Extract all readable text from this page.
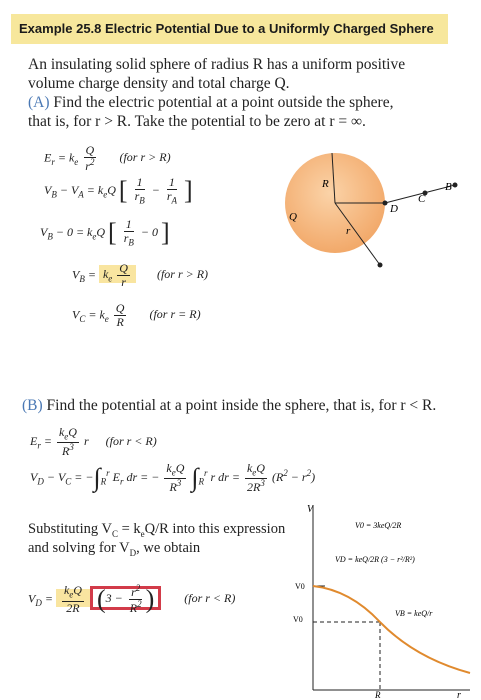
Example 25.8 Electric Potential Due to a Uniformly Charged Sphere
An insulating solid sphere of radius R has a uniform positive
volume charge density and total charge Q.
(A) Find the electric potential at a point outside the sphere,
that is, for r > R. Take the potential to be zero at r = ∞.
$E_r = k_e \frac{Q}{r^2} (for$ r > R)
$V_B - V_A = k_eQ$ [ $\frac{1}{r_B} - \frac{1}{r_A}$ ]
$V_B - 0 = k_eQ$ [ $\frac{1}{r_B} - 0$ ]
$V_B = k_e \frac{Q}{r} (for$ r > R)
$V_C = k_e \frac{Q}{R} (for$ r = R)
Q
R	B
C
D
r
(B) Find the potential at a point inside the sphere, that is, for r < R.
$E_r = \frac{k_eQ}{R^3}$ r (for r < R)
$V_D - V_C = -\int_R^r$ $E_r$ dr = − $\frac{k_eQ}{R^3} \int_R^r$ r dr = $\frac{k_eQ}{2R^3} (R^2 - r^2)$
Substituting $V_C = k_eQ/R$ into this expression
and solving for $V_D$, we obtain
$V_D = \frac{k_eQ}{2R} (3 - \frac{r^2}{R^2}$ )	(for r < R)
V
r
V0
V0
R
V0 = 3keQ/2R
VD = keQ/2R (3 − r²/R²)
VB = keQ/r
